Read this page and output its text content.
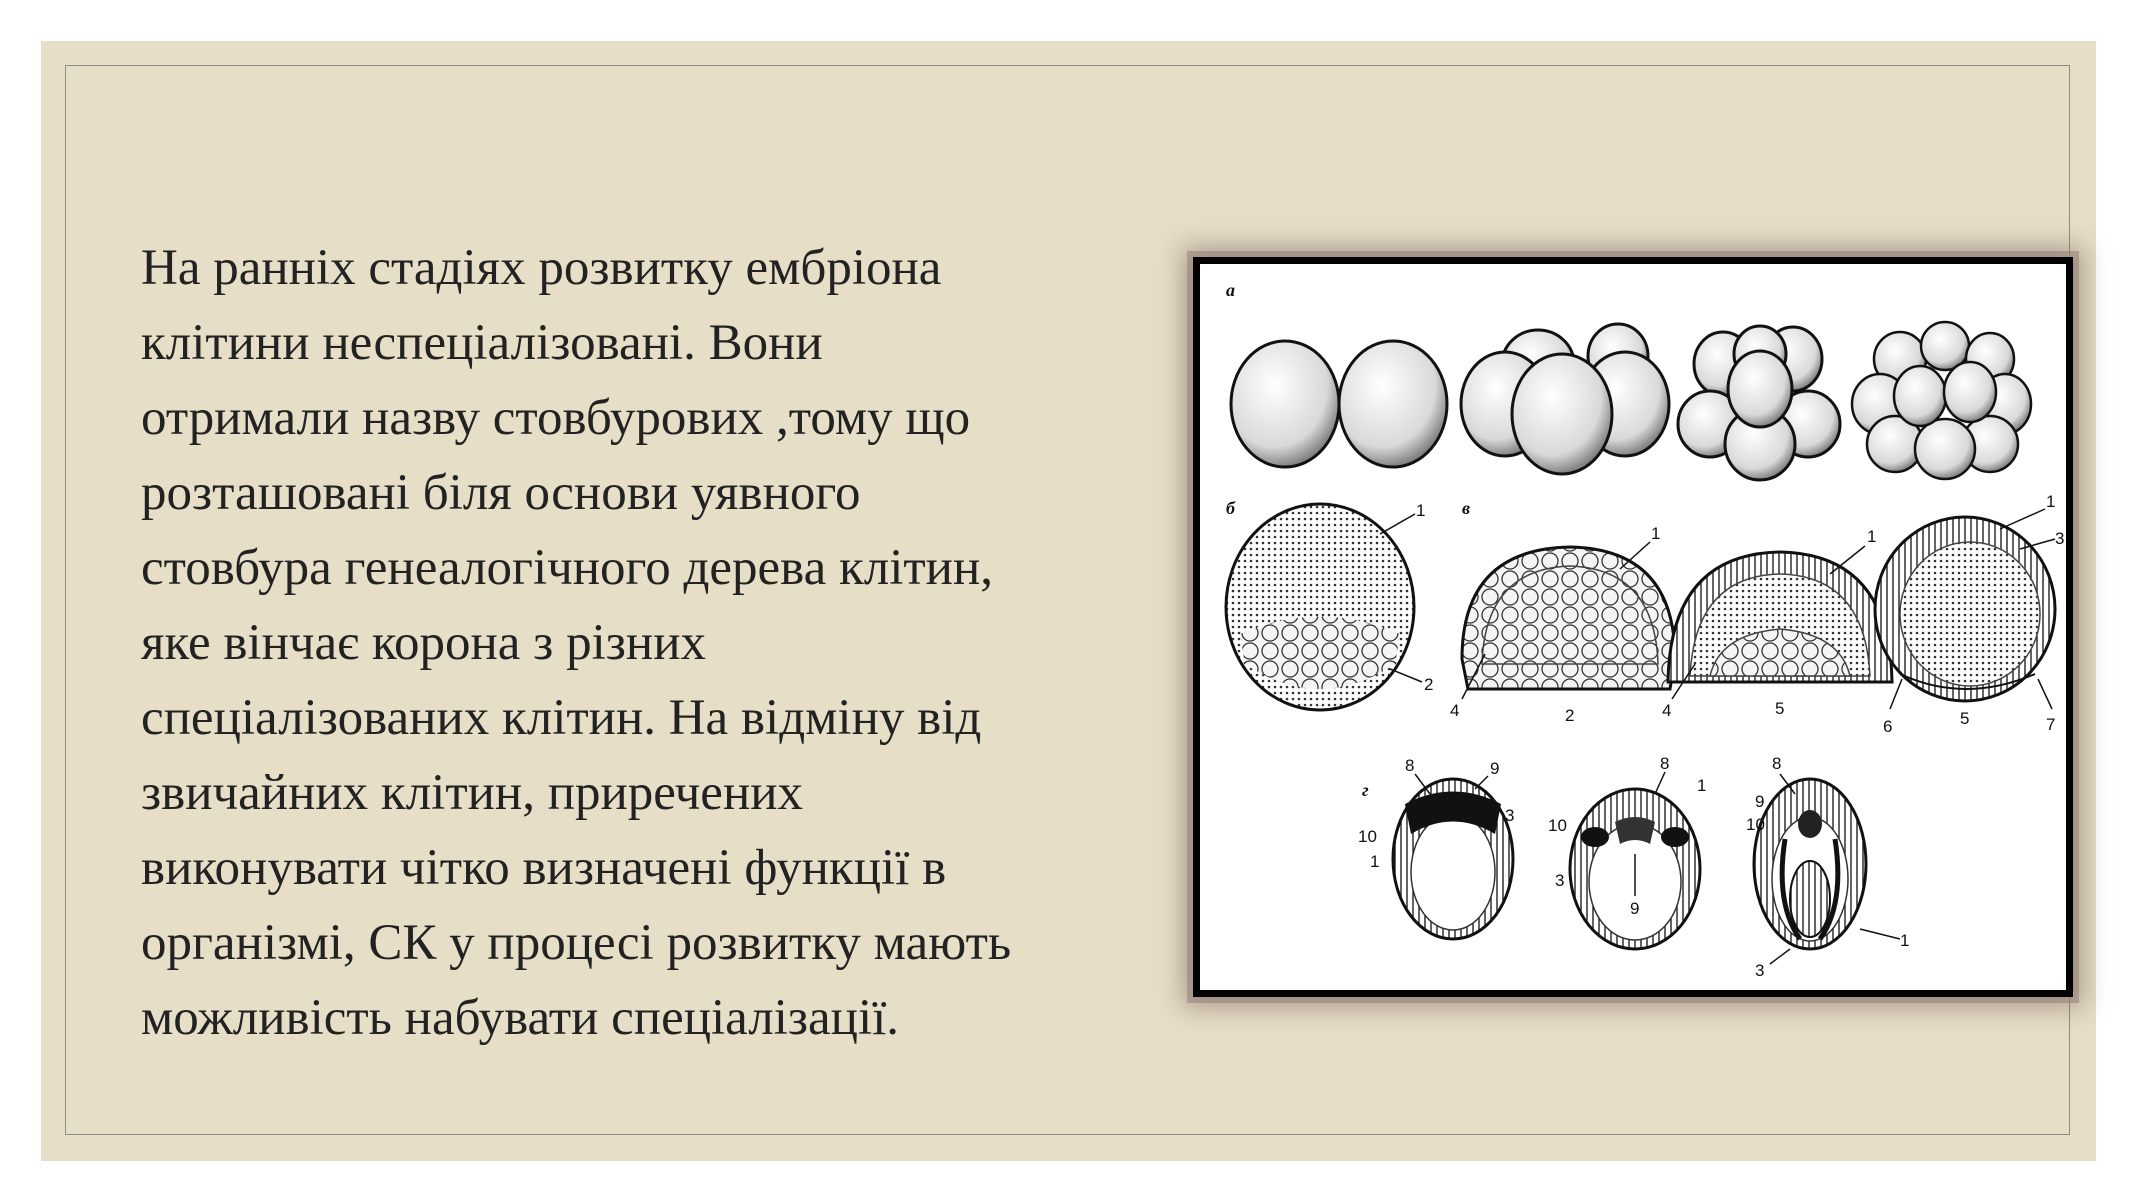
На ранніх стадіях розвитку ембріона
клітини неспеціалізовані. Вони
отримали назву стовбурових ,тому що
розташовані біля основи уявного
стовбура генеалогічного дерева клітин,
яке вінчає корона з різних
спеціалізованих клітин. На відміну від
звичайних клітин, приречених
виконувати чітко визначені функції в
організмі, СК у процесі розвитку мають
можливість набувати спеціалізації.

а
б	в
1
2
1
4	2
1
4	5
1
3
6	5	7
г
8	9
3
10
1
8
1
10
3
9
8
9
10
1
3
